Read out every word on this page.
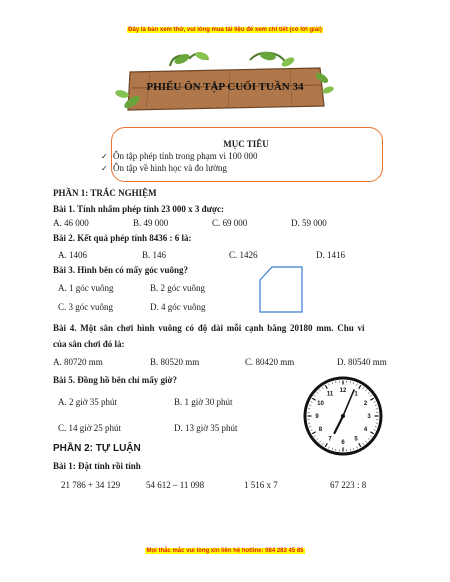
Đây là bản xem thử, vui lòng mua tài liệu để xem chi tiết (có lời giải)
PHIẾU ÔN TẬP CUỐI TUẦN 34
MỤC TIÊU
✓ Ôn tập phép tính trong phạm vi 100 000
✓ Ôn tập về hình học và đo lường
PHẦN 1: TRẮC NGHIỆM
Bài 1. Tính nhẩm phép tính 23 000 x 3 được:
A. 46 000	B. 49 000	C. 69 000	D. 59 000
Bài 2. Kết quả phép tính 8436 : 6 là:
A. 1406	B. 146	C. 1426	D. 1416
Bài 3. Hình bên có mấy góc vuông?
A. 1 góc vuông	B. 2 góc vuông
C. 3 góc vuông	D. 4 góc vuông
Bài 4. Một sân chơi hình vuông có độ dài mỗi cạnh bằng 20180 mm. Chu vi
của sân chơi đó là:
A. 80720 mm	B. 80520 mm	C. 80420 mm	D. 80540 mm
Bài 5. Đồng hồ bên chỉ mấy giờ?
A. 2 giờ 35 phút	B. 1 giờ 30 phút
C. 14 giờ 25 phút	D. 13 giờ 35 phút
12
1
2
3
4
5
6
7
8
9
10
11
PHẦN 2: TỰ LUẬN
Bài 1: Đặt tính rồi tính
21 786 + 34 129	54 612 – 11 098	1 516 x 7	67 223 : 8
Mọi thắc mắc vui lòng xin liên hệ hotline: 084 283 45 85
